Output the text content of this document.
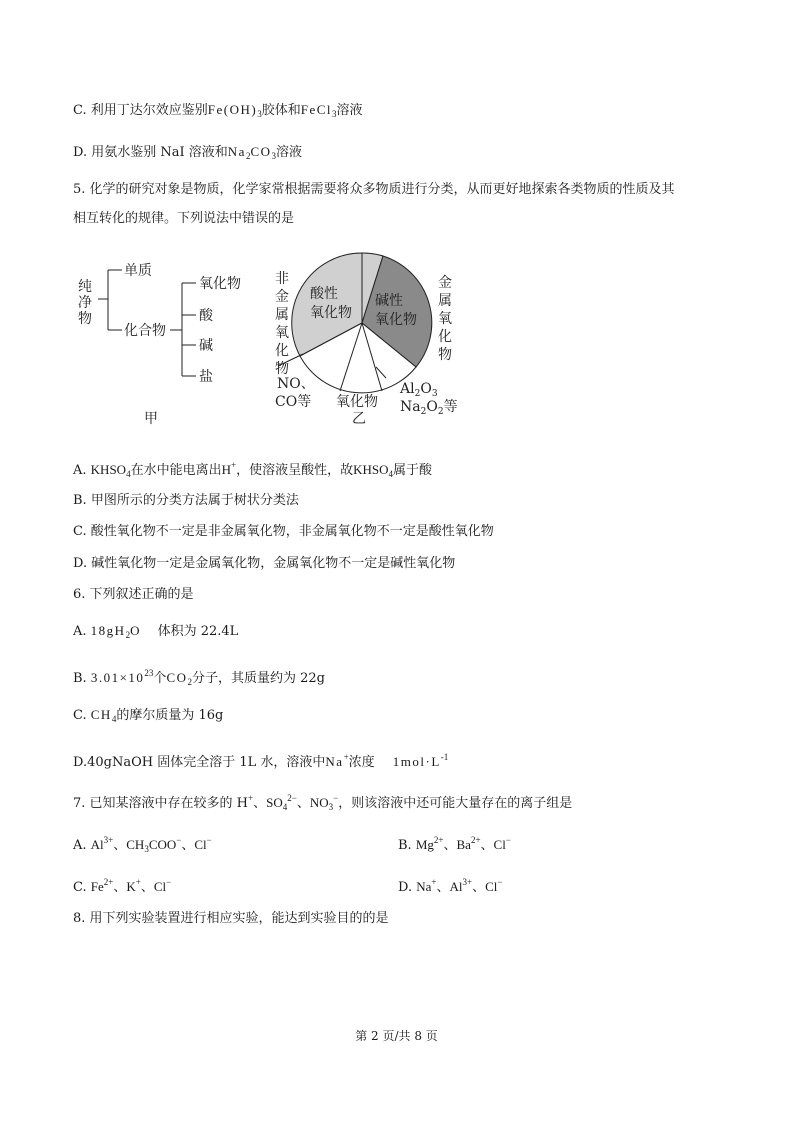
C. 利用丁达尔效应鉴别$Fe(OH)_3$胶体和FeCl$_3$溶液
D. 用氨水鉴别 NaI 溶液和$Na_2CO_3$溶液
5. 化学的研究对象是物质，化学家常根据需要将众多物质进行分类，从而更好地探索各类物质的性质及其
相互转化的规律。下列说法中错误的是
纯
净
物
单质
化合物
氧化物
酸
碱
盐
甲
酸性
氧化物
碱性
氧化物
非
金
属
氧
化
物
金
属
氧
化
物
NO、
CO等 氧化物
$Al_2O_3$
$Na_2O_2$等
乙
A. $KHSO_4$在水中能电离出H+，使溶液呈酸性，故$KHSO_4$属于酸
B. 甲图所示的分类方法属于树状分类法
C. 酸性氧化物不一定是非金属氧化物，非金属氧化物不一定是酸性氧化物
D. 碱性氧化物一定是金属氧化物，金属氧化物不一定是碱性氧化物
6. 下列叙述正确的是
A. $18gH_2O$ 体积为 22.4L
B. $3.01\times 10^{23}$个$CO_2$分子，其质量约为 22g
C. $CH_4$的摩尔质量为 16g
D.40gNaOH 固体完全溶于 1L 水，溶液中Na+浓度 $1mol\cdot L^{-1}$
7. 已知某溶液中存在较多的 H+、$SO_4^{2-}$、$NO_3^-$，则该溶液中还可能大量存在的离子组是
A. $Al^{3+}$、$CH_3COO^-$、Cl−	B. $Mg^{2+}$、$Ba^{2+}$、Cl−
C. $Fe^{2+}$、K+、Cl−	D. Na+、$Al^{3+}$、Cl−
8. 用下列实验装置进行相应实验，能达到实验目的的是
第 2 页/共 8 页
